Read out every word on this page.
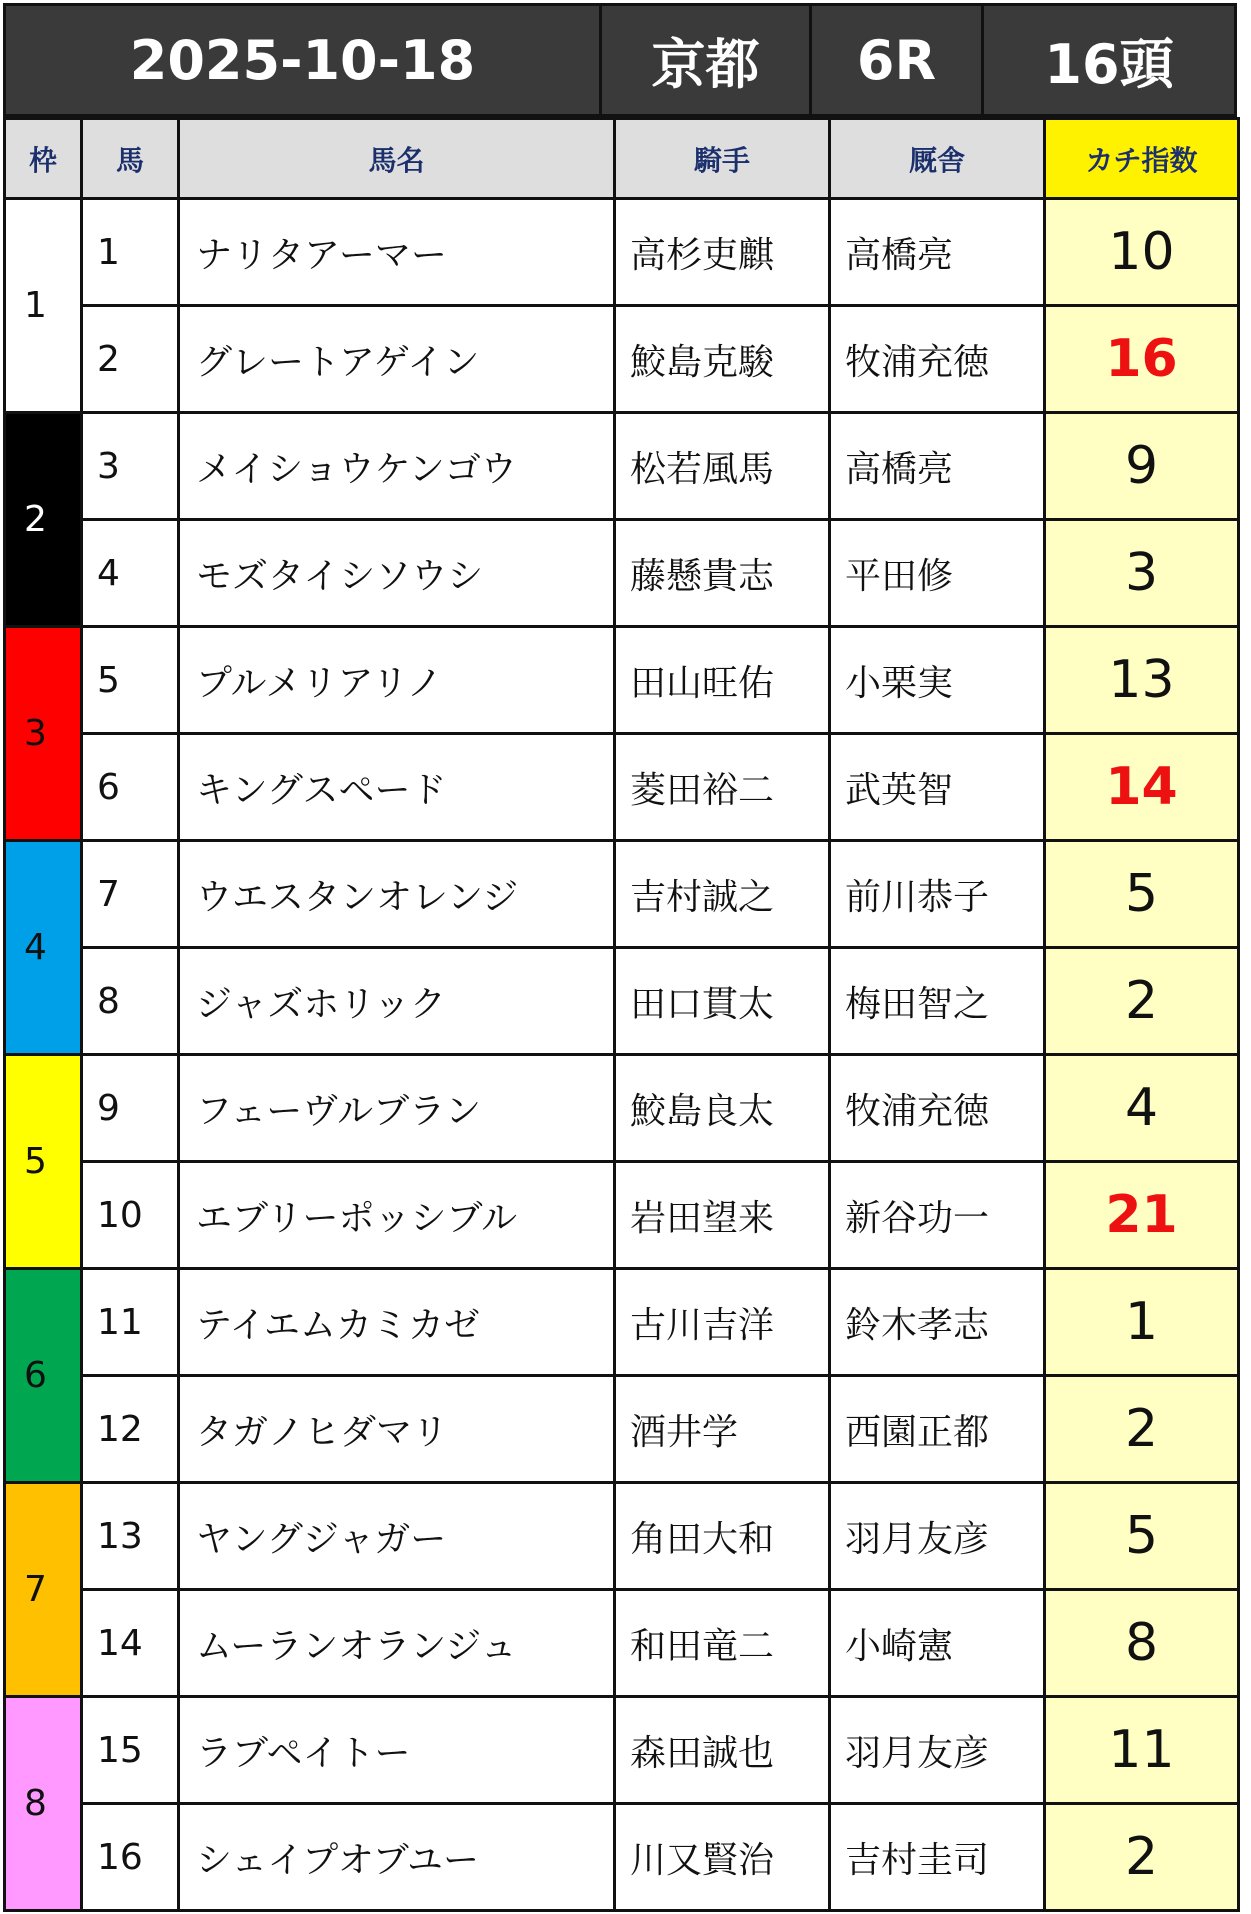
2025-10-18	京都	6R	16頭
枠	馬	馬名	騎手	厩舎	カチ指数
1	1	ナリタアーマー	高杉吏麒	高橋亮	10
	2	グレートアゲイン	鮫島克駿	牧浦充徳	16
2	3	メイショウケンゴウ	松若風馬	高橋亮	9
	4	モズタイシソウシ	藤懸貴志	平田修	3
3	5	プルメリアリノ	田山旺佑	小栗実	13
	6	キングスペード	菱田裕二	武英智	14
4	7	ウエスタンオレンジ	吉村誠之	前川恭子	5
	8	ジャズホリック	田口貫太	梅田智之	2
5	9	フェーヴルブラン	鮫島良太	牧浦充徳	4
	10	エブリーポッシブル	岩田望来	新谷功一	21
6	11	テイエムカミカゼ	古川吉洋	鈴木孝志	1
	12	タガノヒダマリ	酒井学	西園正都	2
7	13	ヤングジャガー	角田大和	羽月友彦	5
	14	ムーランオランジュ	和田竜二	小崎憲	8
8	15	ラブペイトー	森田誠也	羽月友彦	11
	16	シェイプオブユー	川又賢治	吉村圭司	2
